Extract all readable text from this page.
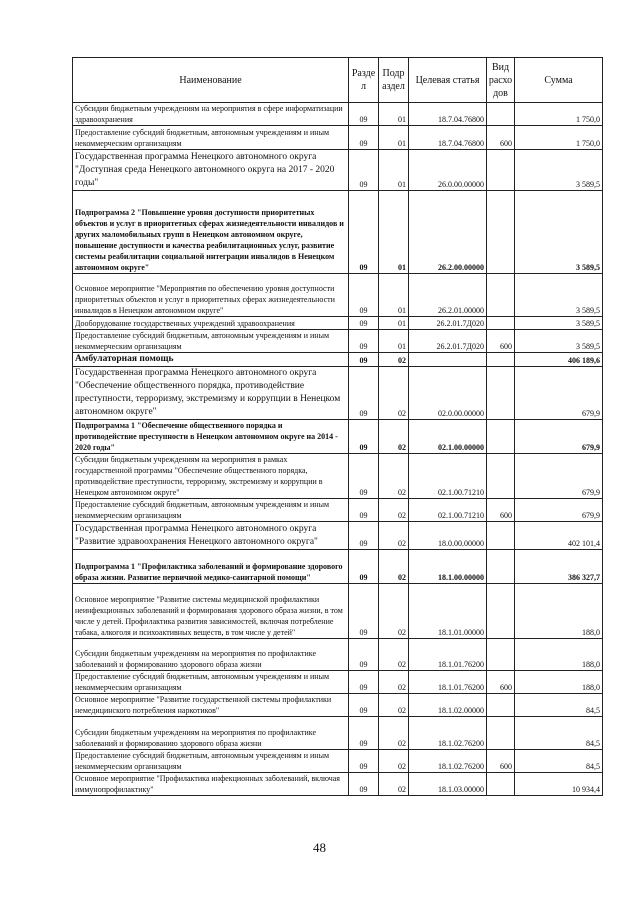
Наименование	Разде л	Подр аздел	Целевая статья	Вид расхо дов	Сумма
Субсидии бюджетным учреждениям на мероприятия в сфере информатизации здравоохранения	09	01	18.7.04.76800		1 750,0
Предоставление субсидий бюджетным, автономным учреждениям и иным некоммерческим организациям	09	01	18.7.04.76800	600	1 750,0
Государственная программа Ненецкого автономного округа "Доступная среда Ненецкого автономного округа на 2017 - 2020 годы"	09	01	26.0.00.00000		3 589,5
Подпрограмма 2 "Повышение уровня доступности приоритетных объектов и услуг в приоритетных сферах жизнедеятельности инвалидов и других маломобильных групп в Ненецком автономном округе, повышение доступности и качества реабилитационных услуг, развитие системы реабилитации социальной интеграции инвалидов в Ненецком автономном округе"	09	01	26.2.00.00000		3 589,5
Основное мероприятие "Мероприятия по обеспечению уровня доступности приоритетных объектов и услуг в приоритетных сферах жизнедеятельности инвалидов в Ненецком автономном округе"	09	01	26.2.01.00000		3 589,5
Дооборудование государственных учреждений здравоохранения	09	01	26.2.01.7Д020		3 589,5
Предоставление субсидий бюджетным, автономным учреждениям и иным некоммерческим организациям	09	01	26.2.01.7Д020	600	3 589,5
Амбулаторная помощь	09	02			406 189,6
Государственная программа Ненецкого автономного округа "Обеспечение общественного порядка, противодействие преступности, терроризму, экстремизму и коррупции в Ненецком автономном округе"	09	02	02.0.00.00000		679,9
Подпрограмма 1 "Обеспечение общественного порядка и противодействие преступности в Ненецком автономном округе на 2014 - 2020 годы"	09	02	02.1.00.00000		679,9
Субсидии бюджетным учреждениям на мероприятия в рамках государственной программы "Обеспечение общественного порядка, противодействие преступности, терроризму, экстремизму и коррупции в Ненецком автономном округе"	09	02	02.1.00.71210		679,9
Предоставление субсидий бюджетным, автономным учреждениям и иным некоммерческим организациям	09	02	02.1.00.71210	600	679,9
Государственная программа Ненецкого автономного округа "Развитие здравоохранения Ненецкого автономного округа"	09	02	18.0.00.00000		402 101,4
Подпрограмма 1 "Профилактика заболеваний и формирование здорового образа жизни. Развитие первичной медико-санитарной помощи"	09	02	18.1.00.00000		386 327,7
Основное мероприятие "Развитие системы медицинской профилактики неинфекционных заболеваний и формирования здорового образа жизни, в том числе у детей. Профилактика развития зависимостей, включая потребление табака, алкоголя и психоактивных веществ, в том числе у детей"	09	02	18.1.01.00000		188,0
Субсидии бюджетным учреждениям на мероприятия по профилактике заболеваний и формированию здорового образа жизни	09	02	18.1.01.76200		188,0
Предоставление субсидий бюджетным, автономным учреждениям и иным некоммерческим организациям	09	02	18.1.01.76200	600	188,0
Основное мероприятие "Развитие государственной системы профилактики немедицинского потребления наркотиков"	09	02	18.1.02.00000		84,5
Субсидии бюджетным учреждениям на мероприятия по профилактике заболеваний и формированию здорового образа жизни	09	02	18.1.02.76200		84,5
Предоставление субсидий бюджетным, автономным учреждениям и иным некоммерческим организациям	09	02	18.1.02.76200	600	84,5
Основное мероприятие "Профилактика инфекционных заболеваний, включая иммунопрофилактику"	09	02	18.1.03.00000		10 934,4
48
